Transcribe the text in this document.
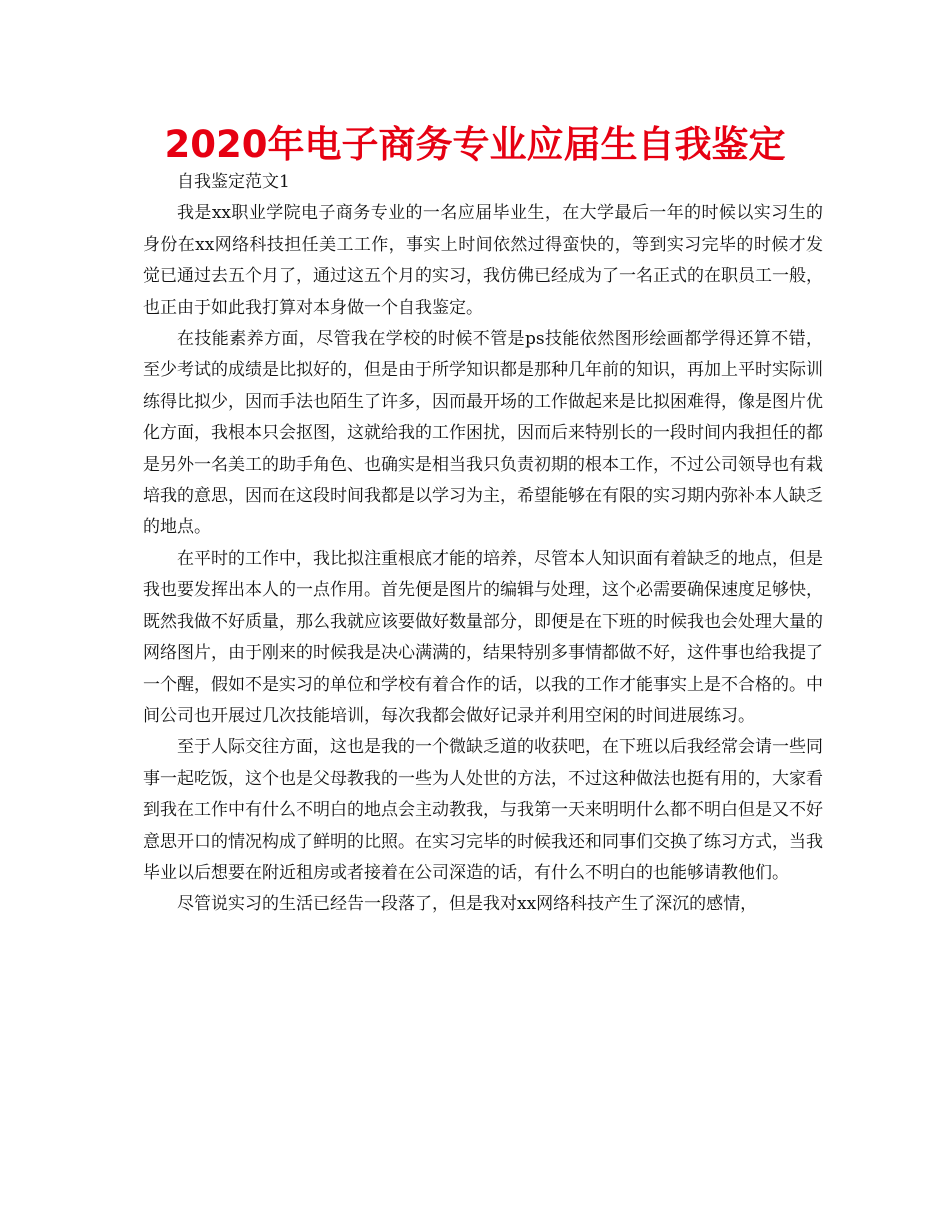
2020年电子商务专业应届生自我鉴定

自我鉴定范文1

我是xx职业学院电子商务专业的一名应届毕业生，在大学最后一年的时候以实习生的身份在xx网络科技担任美工工作，事实上时间依然过得蛮快的，等到实习完毕的时候才发觉已通过去五个月了，通过这五个月的实习，我仿佛已经成为了一名正式的在职员工一般，也正由于如此我打算对本身做一个自我鉴定。

在技能素养方面，尽管我在学校的时候不管是ps技能依然图形绘画都学得还算不错，至少考试的成绩是比拟好的，但是由于所学知识都是那种几年前的知识，再加上平时实际训练得比拟少，因而手法也陌生了许多，因而最开场的工作做起来是比拟困难得，像是图片优化方面，我根本只会抠图，这就给我的工作困扰，因而后来特别长的一段时间内我担任的都是另外一名美工的助手角色、也确实是相当我只负责初期的根本工作，不过公司领导也有栽培我的意思，因而在这段时间我都是以学习为主，希望能够在有限的实习期内弥补本人缺乏的地点。

在平时的工作中，我比拟注重根底才能的培养，尽管本人知识面有着缺乏的地点，但是我也要发挥出本人的一点作用。首先便是图片的编辑与处理，这个必需要确保速度足够快，既然我做不好质量，那么我就应该要做好数量部分，即便是在下班的时候我也会处理大量的网络图片，由于刚来的时候我是决心满满的，结果特别多事情都做不好，这件事也给我提了一个醒，假如不是实习的单位和学校有着合作的话，以我的工作才能事实上是不合格的。中间公司也开展过几次技能培训，每次我都会做好记录并利用空闲的时间进展练习。

至于人际交往方面，这也是我的一个微缺乏道的收获吧，在下班以后我经常会请一些同事一起吃饭，这个也是父母教我的一些为人处世的方法，不过这种做法也挺有用的，大家看到我在工作中有什么不明白的地点会主动教我，与我第一天来明明什么都不明白但是又不好意思开口的情况构成了鲜明的比照。在实习完毕的时候我还和同事们交换了练习方式，当我毕业以后想要在附近租房或者接着在公司深造的话，有什么不明白的也能够请教他们。

尽管说实习的生活已经告一段落了，但是我对xx网络科技产生了深沉的感情，
